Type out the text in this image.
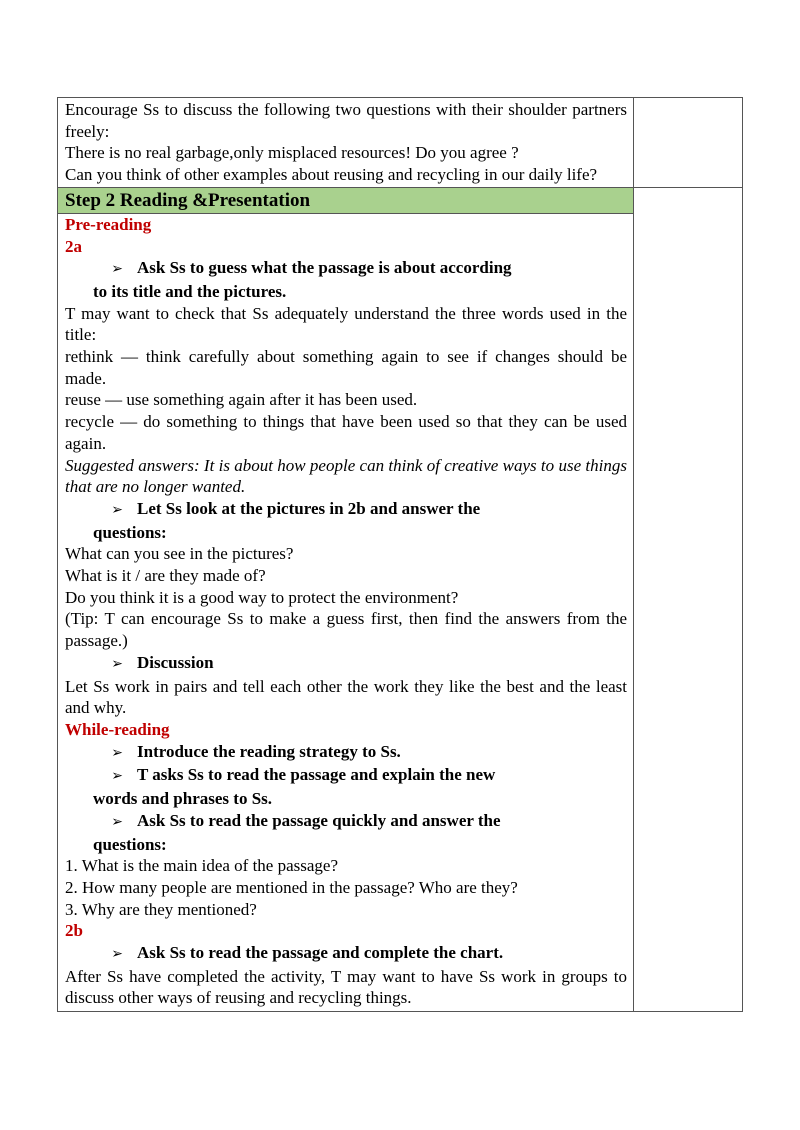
Encourage Ss to discuss the following two questions with their shoulder partners freely:

There is no real garbage,only misplaced resources! Do you agree ?

Can you think of other examples about reusing and recycling in our daily life?

Step 2 Reading &Presentation

Pre-reading

2a

➢ Ask Ss to guess what the passage is about according
to its title and the pictures.

T may want to check that Ss adequately understand the three words used in the title:

rethink — think carefully about something again to see if changes should be made.

reuse — use something again after it has been used.

recycle — do something to things that have been used so that they can be used again.

Suggested answers: It is about how people can think of creative ways to use things that are no longer wanted.

➢ Let Ss look at the pictures in 2b and answer the
questions:

What can you see in the pictures?

What is it / are they made of?

Do you think it is a good way to protect the environment?

(Tip: T can encourage Ss to make a guess first, then find the answers from the passage.)

➢ Discussion

Let Ss work in pairs and tell each other the work they like the best and the least and why.

While-reading

➢ Introduce the reading strategy to Ss.

➢ T asks Ss to read the passage and explain the new
words and phrases to Ss.

➢ Ask Ss to read the passage quickly and answer the
questions:

1. What is the main idea of the passage?

2. How many people are mentioned in the passage? Who are they?

3. Why are they mentioned?

2b

➢ Ask Ss to read the passage and complete the chart.

After Ss have completed the activity, T may want to have Ss work in groups to discuss other ways of reusing and recycling things.
